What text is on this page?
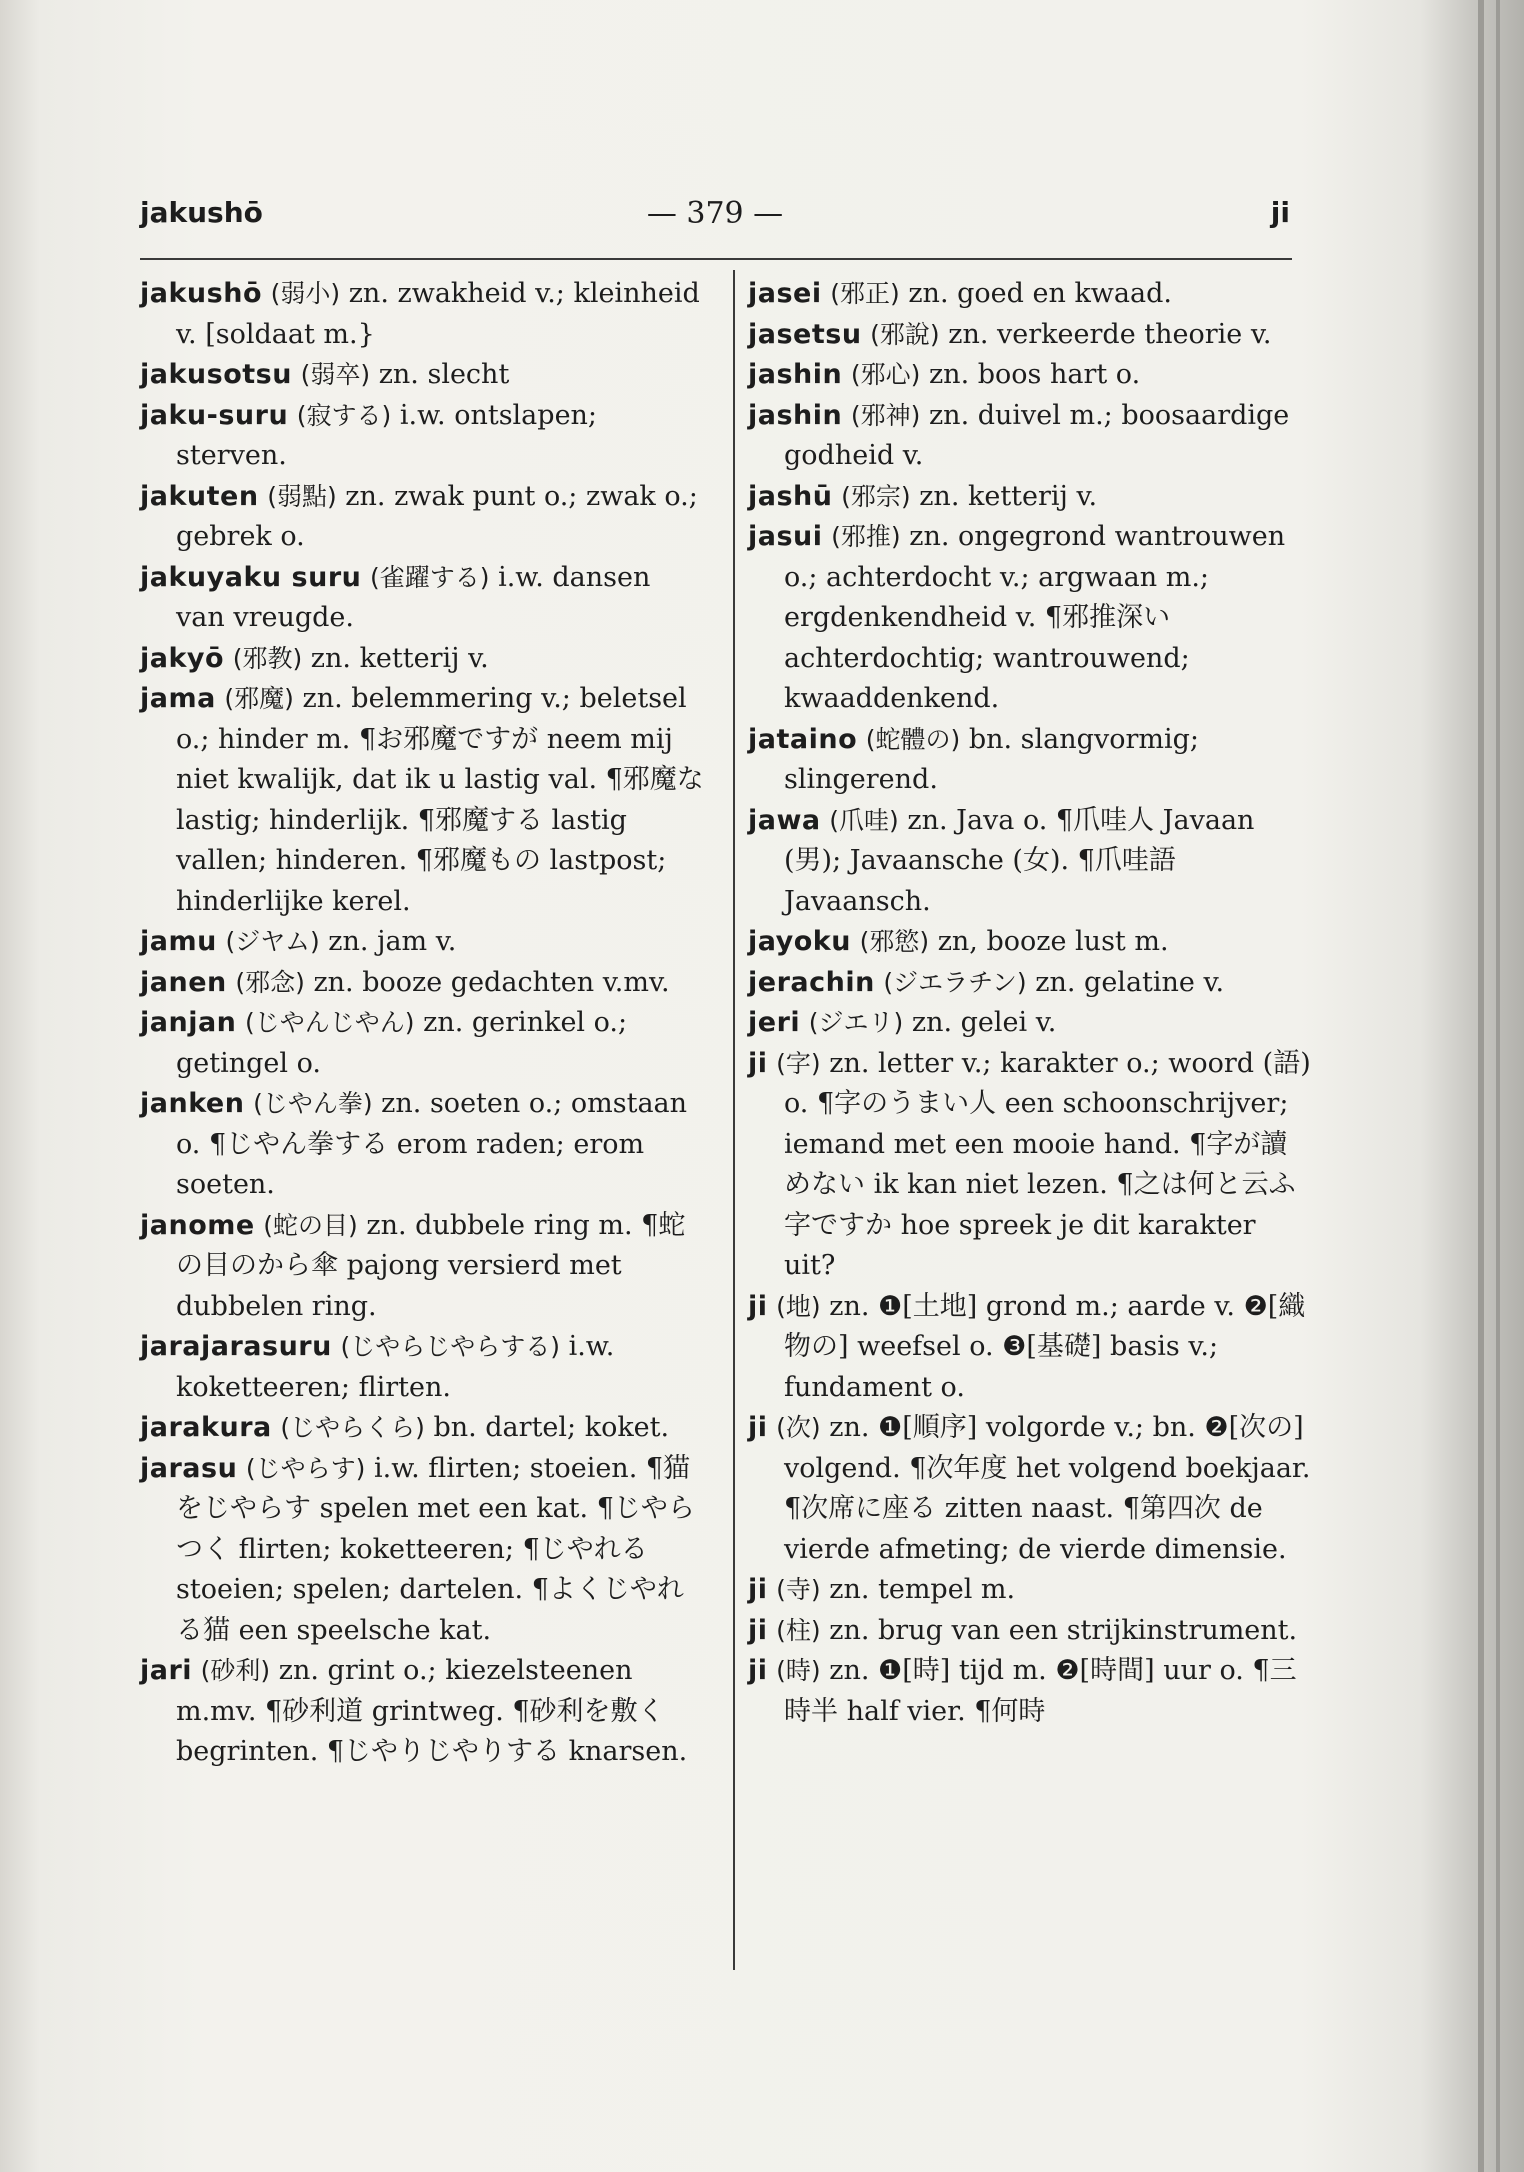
jakushō	— 379 —	ji

jakushō (弱小) zn. zwakheid v.; kleinheid v. [soldaat m.}

jakusotsu (弱卒) zn. slecht

jaku-suru (寂する) i.w. ontslapen; sterven.

jakuten (弱點) zn. zwak punt o.; zwak o.; gebrek o.

jakuyaku suru (雀躍する) i.w. dansen van vreugde.

jakyō (邪教) zn. ketterij v.

jama (邪魔) zn. belemmering v.; beletsel o.; hinder m. ¶お邪魔ですが neem mij niet kwalijk, dat ik u lastig val. ¶邪魔な lastig; hinderlijk. ¶邪魔する lastig vallen; hinderen. ¶邪魔もの lastpost; hinderlijke kerel.

jamu (ジヤム) zn. jam v.

janen (邪念) zn. booze gedachten v.mv.

janjan (じやんじやん) zn. gerinkel o.; getingel o.

janken (じやん拳) zn. soeten o.; omstaan o. ¶じやん拳する erom raden; erom soeten.

janome (蛇の目) zn. dubbele ring m. ¶蛇の目のから傘 pajong versierd met dubbelen ring.

jarajarasuru (じやらじやらする) i.w. koketteeren; flirten.

jarakura (じやらくら) bn. dartel; koket.

jarasu (じやらす) i.w. flirten; stoeien. ¶猫をじやらす spelen met een kat. ¶じやらつく flirten; koketteeren; ¶じやれる stoeien; spelen; dartelen. ¶よくじやれる猫 een speelsche kat.

jari (砂利) zn. grint o.; kiezelsteenen m.mv. ¶砂利道 grintweg. ¶砂利を敷く begrinten. ¶じやりじやりする knarsen.

jasei (邪正) zn. goed en kwaad.

jasetsu (邪說) zn. verkeerde theorie v.

jashin (邪心) zn. boos hart o.

jashin (邪神) zn. duivel m.; boosaardige godheid v.

jashū (邪宗) zn. ketterij v.

jasui (邪推) zn. ongegrond wantrouwen o.; achterdocht v.; argwaan m.; ergdenkendheid v. ¶邪推深い achterdochtig; wantrouwend; kwaaddenkend.

jataino (蛇體の) bn. slangvormig; slingerend.

jawa (爪哇) zn. Java o. ¶爪哇人 Javaan (男); Javaansche (女). ¶爪哇語 Javaansch.

jayoku (邪慾) zn, booze lust m.

jerachin (ジエラチン) zn. gelatine v.

jeri (ジエリ) zn. gelei v.

ji (字) zn. letter v.; karakter o.; woord (語) o. ¶字のうまい人 een schoonschrijver; iemand met een mooie hand. ¶字が讀めない ik kan niet lezen. ¶之は何と云ふ字ですか hoe spreek je dit karakter uit?

ji (地) zn. ❶[土地] grond m.; aarde v. ❷[織物の] weefsel o. ❸[基礎] basis v.; fundament o.

ji (次) zn. ❶[順序] volgorde v.; bn. ❷[次の] volgend. ¶次年度 het volgend boekjaar. ¶次席に座る zitten naast. ¶第四次 de vierde afmeting; de vierde dimensie.

ji (寺) zn. tempel m.

ji (柱) zn. brug van een strijkinstrument.

ji (時) zn. ❶[時] tijd m. ❷[時間] uur o. ¶三時半 half vier. ¶何時
